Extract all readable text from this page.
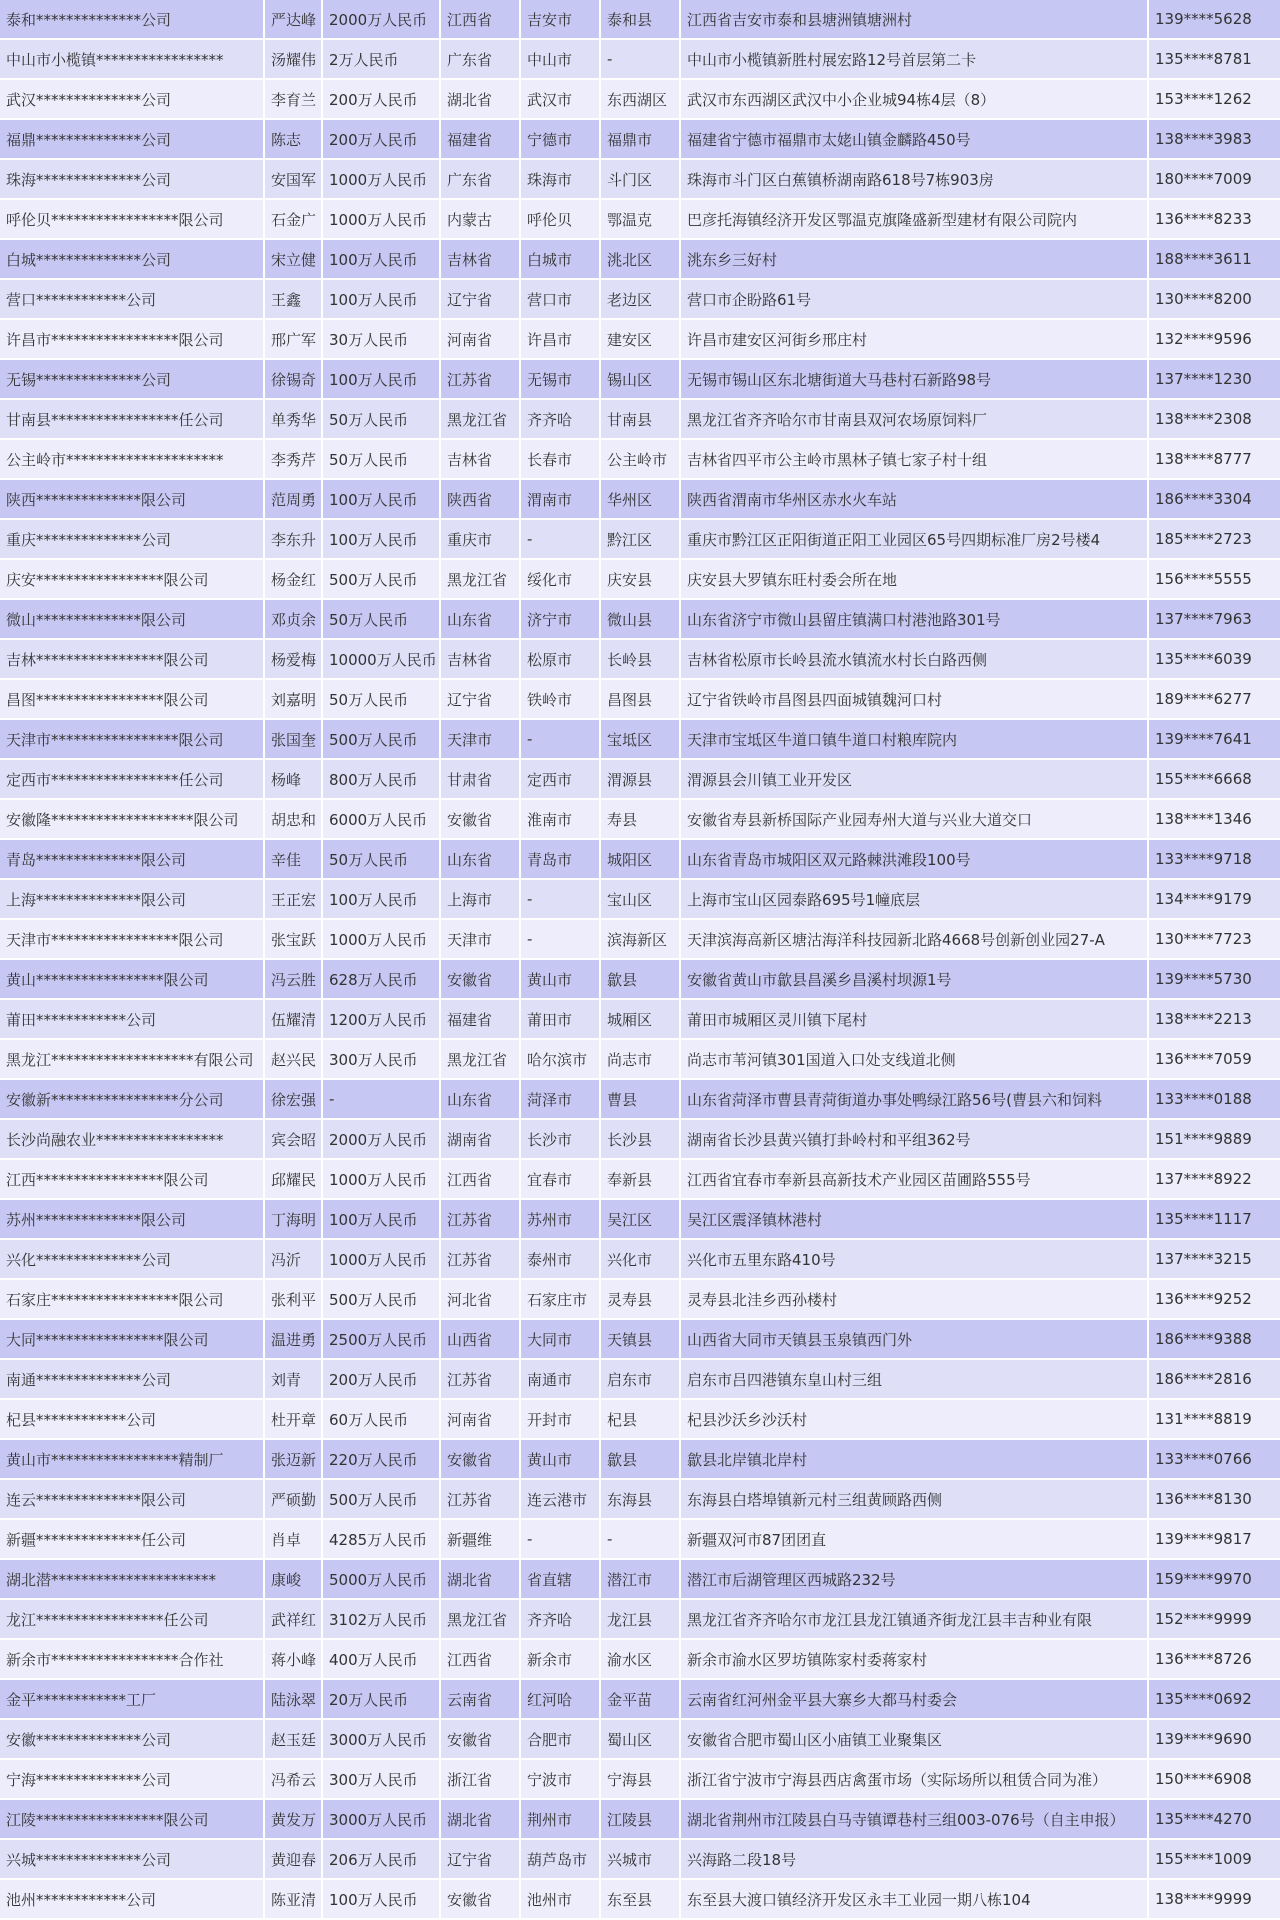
泰和**************公司	严达峰	2000万人民币	江西省	吉安市	泰和县	江西省吉安市泰和县塘洲镇塘洲村	139****5628
中山市小榄镇*****************	汤耀伟	2万人民币	广东省	中山市	-	中山市小榄镇新胜村展宏路12号首层第二卡	135****8781
武汉**************公司	李育兰	200万人民币	湖北省	武汉市	东西湖区	武汉市东西湖区武汉中小企业城94栋4层（8）	153****1262
福鼎**************公司	陈志	200万人民币	福建省	宁德市	福鼎市	福建省宁德市福鼎市太姥山镇金麟路450号	138****3983
珠海**************公司	安国军	1000万人民币	广东省	珠海市	斗门区	珠海市斗门区白蕉镇桥湖南路618号7栋903房	180****7009
呼伦贝*****************限公司	石金广	1000万人民币	内蒙古	呼伦贝	鄂温克	巴彦托海镇经济开发区鄂温克旗隆盛新型建材有限公司院内	136****8233
白城**************公司	宋立健	100万人民币	吉林省	白城市	洮北区	洮东乡三好村	188****3611
营口************公司	王鑫	100万人民币	辽宁省	营口市	老边区	营口市企盼路61号	130****8200
许昌市*****************限公司	邢广军	30万人民币	河南省	许昌市	建安区	许昌市建安区河街乡邢庄村	132****9596
无锡**************公司	徐锡奇	100万人民币	江苏省	无锡市	锡山区	无锡市锡山区东北塘街道大马巷村石新路98号	137****1230
甘南县*****************任公司	单秀华	50万人民币	黑龙江省	齐齐哈	甘南县	黑龙江省齐齐哈尔市甘南县双河农场原饲料厂	138****2308
公主岭市*********************	李秀芹	50万人民币	吉林省	长春市	公主岭市	吉林省四平市公主岭市黑林子镇七家子村十组	138****8777
陕西**************限公司	范周勇	100万人民币	陕西省	渭南市	华州区	陕西省渭南市华州区赤水火车站	186****3304
重庆**************公司	李东升	100万人民币	重庆市	-	黔江区	重庆市黔江区正阳街道正阳工业园区65号四期标准厂房2号楼4	185****2723
庆安*****************限公司	杨金红	500万人民币	黑龙江省	绥化市	庆安县	庆安县大罗镇东旺村委会所在地	156****5555
微山**************限公司	邓贞余	50万人民币	山东省	济宁市	微山县	山东省济宁市微山县留庄镇满口村港池路301号	137****7963
吉林*****************限公司	杨爱梅	10000万人民币	吉林省	松原市	长岭县	吉林省松原市长岭县流水镇流水村长白路西侧	135****6039
昌图*****************限公司	刘嘉明	50万人民币	辽宁省	铁岭市	昌图县	辽宁省铁岭市昌图县四面城镇魏河口村	189****6277
天津市*****************限公司	张国奎	500万人民币	天津市	-	宝坻区	天津市宝坻区牛道口镇牛道口村粮库院内	139****7641
定西市*****************任公司	杨峰	800万人民币	甘肃省	定西市	渭源县	渭源县会川镇工业开发区	155****6668
安徽隆*******************限公司	胡忠和	6000万人民币	安徽省	淮南市	寿县	安徽省寿县新桥国际产业园寿州大道与兴业大道交口	138****1346
青岛**************限公司	辛佳	50万人民币	山东省	青岛市	城阳区	山东省青岛市城阳区双元路棘洪滩段100号	133****9718
上海**************限公司	王正宏	100万人民币	上海市	-	宝山区	上海市宝山区园泰路695号1幢底层	134****9179
天津市*****************限公司	张宝跃	1000万人民币	天津市	-	滨海新区	天津滨海高新区塘沽海洋科技园新北路4668号创新创业园27-A	130****7723
黄山*****************限公司	冯云胜	628万人民币	安徽省	黄山市	歙县	安徽省黄山市歙县昌溪乡昌溪村坝源1号	139****5730
莆田************公司	伍耀清	1200万人民币	福建省	莆田市	城厢区	莆田市城厢区灵川镇下尾村	138****2213
黑龙江*******************有限公司	赵兴民	300万人民币	黑龙江省	哈尔滨市	尚志市	尚志市苇河镇301国道入口处支线道北侧	136****7059
安徽新*****************分公司	徐宏强	-	山东省	菏泽市	曹县	山东省菏泽市曹县青菏街道办事处鸭绿江路56号(曹县六和饲料	133****0188
长沙尚融农业*****************	宾会昭	2000万人民币	湖南省	长沙市	长沙县	湖南省长沙县黄兴镇打卦岭村和平组362号	151****9889
江西*****************限公司	邱耀民	1000万人民币	江西省	宜春市	奉新县	江西省宜春市奉新县高新技术产业园区苗圃路555号	137****8922
苏州**************限公司	丁海明	100万人民币	江苏省	苏州市	吴江区	吴江区震泽镇林港村	135****1117
兴化**************公司	冯沂	1000万人民币	江苏省	泰州市	兴化市	兴化市五里东路410号	137****3215
石家庄*****************限公司	张利平	500万人民币	河北省	石家庄市	灵寿县	灵寿县北洼乡西孙楼村	136****9252
大同*****************限公司	温进勇	2500万人民币	山西省	大同市	天镇县	山西省大同市天镇县玉泉镇西门外	186****9388
南通**************公司	刘青	200万人民币	江苏省	南通市	启东市	启东市吕四港镇东皇山村三组	186****2816
杞县************公司	杜开章	60万人民币	河南省	开封市	杞县	杞县沙沃乡沙沃村	131****8819
黄山市*****************精制厂	张迈新	220万人民币	安徽省	黄山市	歙县	歙县北岸镇北岸村	133****0766
连云**************限公司	严硕勤	500万人民币	江苏省	连云港市	东海县	东海县白塔埠镇新元村三组黄顾路西侧	136****8130
新疆**************任公司	肖卓	4285万人民币	新疆维	-	-	新疆双河市87团团直	139****9817
湖北潜**********************	康峻	5000万人民币	湖北省	省直辖	潜江市	潜江市后湖管理区西城路232号	159****9970
龙江*****************任公司	武祥红	3102万人民币	黑龙江省	齐齐哈	龙江县	黑龙江省齐齐哈尔市龙江县龙江镇通齐街龙江县丰吉种业有限	152****9999
新余市*****************合作社	蒋小峰	400万人民币	江西省	新余市	渝水区	新余市渝水区罗坊镇陈家村委蒋家村	136****8726
金平************工厂	陆泳翠	20万人民币	云南省	红河哈	金平苗	云南省红河州金平县大寨乡大都马村委会	135****0692
安徽**************公司	赵玉廷	3000万人民币	安徽省	合肥市	蜀山区	安徽省合肥市蜀山区小庙镇工业聚集区	139****9690
宁海**************公司	冯希云	300万人民币	浙江省	宁波市	宁海县	浙江省宁波市宁海县西店禽蛋市场（实际场所以租赁合同为准）	150****6908
江陵*****************限公司	黄发万	3000万人民币	湖北省	荆州市	江陵县	湖北省荆州市江陵县白马寺镇谭巷村三组003-076号（自主申报）	135****4270
兴城**************公司	黄迎春	206万人民币	辽宁省	葫芦岛市	兴城市	兴海路二段18号	155****1009
池州************公司	陈亚清	100万人民币	安徽省	池州市	东至县	东至县大渡口镇经济开发区永丰工业园一期八栋104	138****9999
